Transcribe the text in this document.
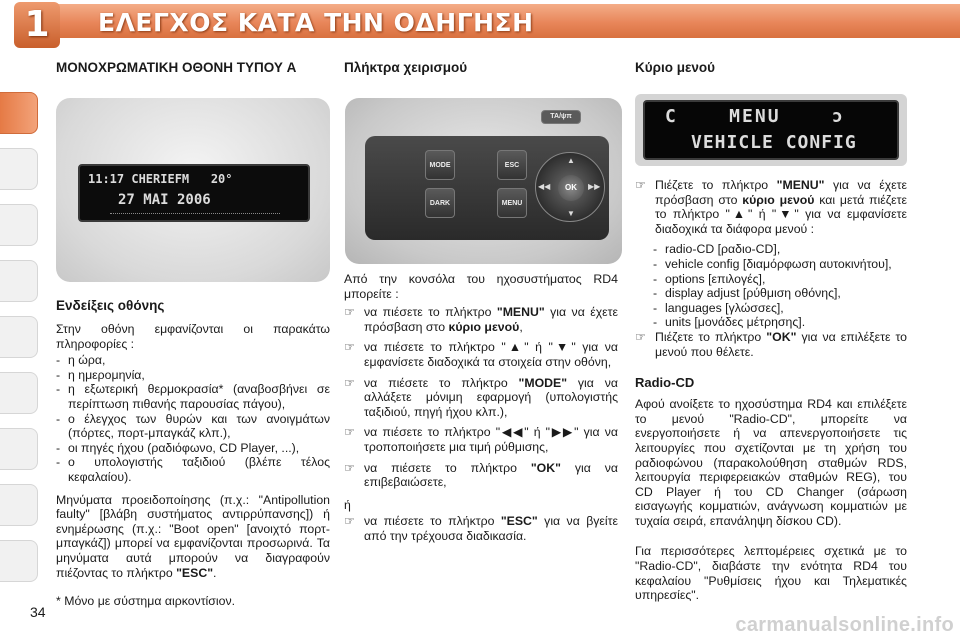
1	ΕΛΕΓΧΟΣ ΚΑΤΑ ΤΗΝ ΟΔΗΓΗΣΗ
ΜΟΝΟΧΡΩΜΑΤΙΚΗ ΟΘΟΝΗ ΤΥΠΟΥ A
11:17 CHERIEFM   20°
27 MAI 2006
Ενδείξεις οθόνης

Στην οθόνη εμφανίζονται οι παρακάτω πληροφορίες :

- η ώρα,
- η ημερομηνία,
- η εξωτερική θερμοκρασία* (αναβοσβήνει σε περίπτωση πιθανής παρουσίας πάγου),
- ο έλεγχος των θυρών και των ανοιγμάτων (πόρτες, πορτ-μπαγκάζ κλπ.),
- οι πηγές ήχου (ραδιόφωνο, CD Player, ...),
- ο υπολογιστής ταξιδιού (βλέπε τέλος κεφαλαίου).

Μηνύματα προειδοποίησης (π.χ.: "Antipollution faulty" [βλάβη συστήματος αντιρρύπανσης]) ή ενημέρωσης (π.χ.: "Boot open" [ανοιχτό πορτ-μπαγκάζ]) μπορεί να εμφανίζονται προσωρινά. Τα μηνύματα αυτά μπορούν να διαγραφούν πιέζοντας το πλήκτρο "ESC".

* Μόνο με σύστημα αιρκοντίσιον.
Πλήκτρα χειρισμού
TA/ψπ
MODE
DARK
ESC
MENU
OK
▲
▼
◀◀	▶▶

Από την κονσόλα του ηχοσυστήματος RD4 μπορείτε :

☞ να πιέσετε το πλήκτρο "MENU" για να έχετε πρόσβαση στο κύριο μενού,
☞ να πιέσετε το πλήκτρο "▲" ή "▼" για να εμφανίσετε διαδοχικά τα στοιχεία στην οθόνη,
☞ να πιέσετε το πλήκτρο "MODE" για να αλλάξετε μόνιμη εφαρμογή (υπολογιστής ταξιδιού, πηγή ήχου κλπ.),
☞ να πιέσετε το πλήκτρο "◀◀" ή "▶▶" για να τροποποιήσετε μια τιμή ρύθμισης,
☞ να πιέσετε το πλήκτρο "OK" για να επιβεβαιώσετε,

ή

☞ να πιέσετε το πλήκτρο "ESC" για να βγείτε από την τρέχουσα διαδικασία.
Κύριο μενού
C    MENU    ͻ
VEHICLE CONFIG
☞ Πιέζετε το πλήκτρο "MENU" για να έχετε πρόσβαση στο κύριο μενού και μετά πιέζετε το πλήκτρο "▲" ή "▼" για να εμφανίσετε διαδοχικά τα διάφορα μενού :
- radio-CD [ραδιο-CD],
- vehicle config [διαμόρφωση αυτοκινήτου],
- options [επιλογές],
- display adjust [ρύθμιση οθόνης],
- languages [γλώσσες],
- units [μονάδες μέτρησης].
☞ Πιέζετε το πλήκτρο "OK" για να επιλέξετε το μενού που θέλετε.
Radio-CD

Αφού ανοίξετε το ηχοσύστημα RD4 και επιλέξετε το μενού "Radio-CD", μπορείτε να ενεργοποιήσετε ή να απενεργοποιήσετε τις λειτουργίες που σχετίζονται με τη χρήση του ραδιοφώνου (παρακολούθηση σταθμών RDS, λειτουργία περιφερειακών σταθμών REG), του CD Player ή του CD Changer (σάρωση εισαγωγής κομματιών, ανάγνωση κομματιών με τυχαία σειρά, επανάληψη δίσκου CD).

Για περισσότερες λεπτομέρειες σχετικά με το "Radio-CD", διαβάστε την ενότητα RD4 του κεφαλαίου "Ρυθμίσεις ήχου και Τηλεματικές υπηρεσίες".

34
carmanualsonline.info
